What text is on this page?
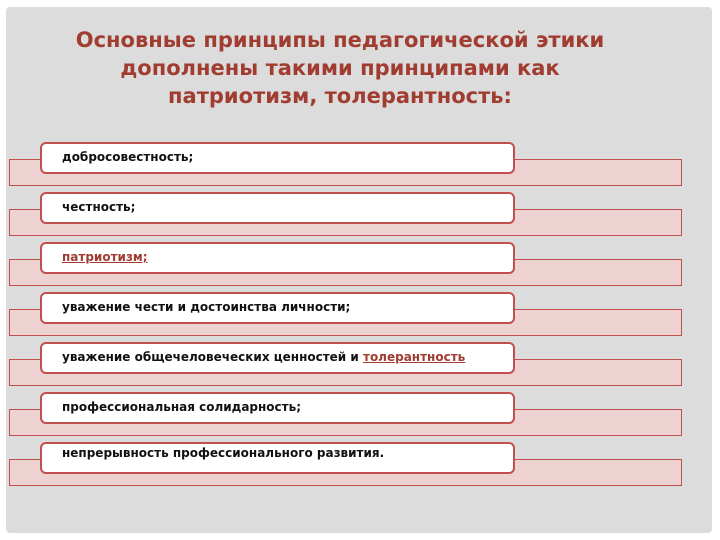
Основные принципы педагогической этики
дополнены такими принципами как
патриотизм, толерантность:
добросовестность;
честность;
патриотизм;
уважение чести и достоинства личности;
уважение общечеловеческих ценностей и толерантность
профессиональная солидарность;
непрерывность профессионального развития.
